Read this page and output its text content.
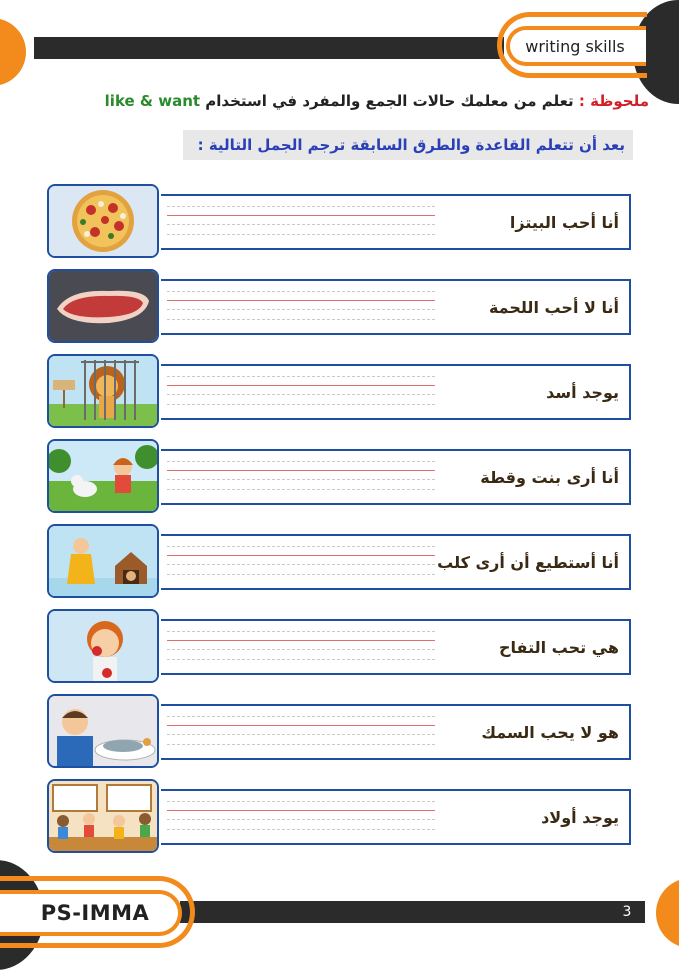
writing skills
ملحوظة : تعلم من معلمك حالات الجمع والمفرد في استخدام like & want
بعد أن تتعلم القاعدة والطرق السابقة ترجم الجمل التالية :
أنا أحب البيتزا
أنا لا أحب اللحمة
يوجد أسد
أنا أرى بنت وقطة
أنا أستطيع أن أرى كلب
هي تحب التفاح
هو لا يحب السمك
يوجد أولاد
3
PS-IMMA
